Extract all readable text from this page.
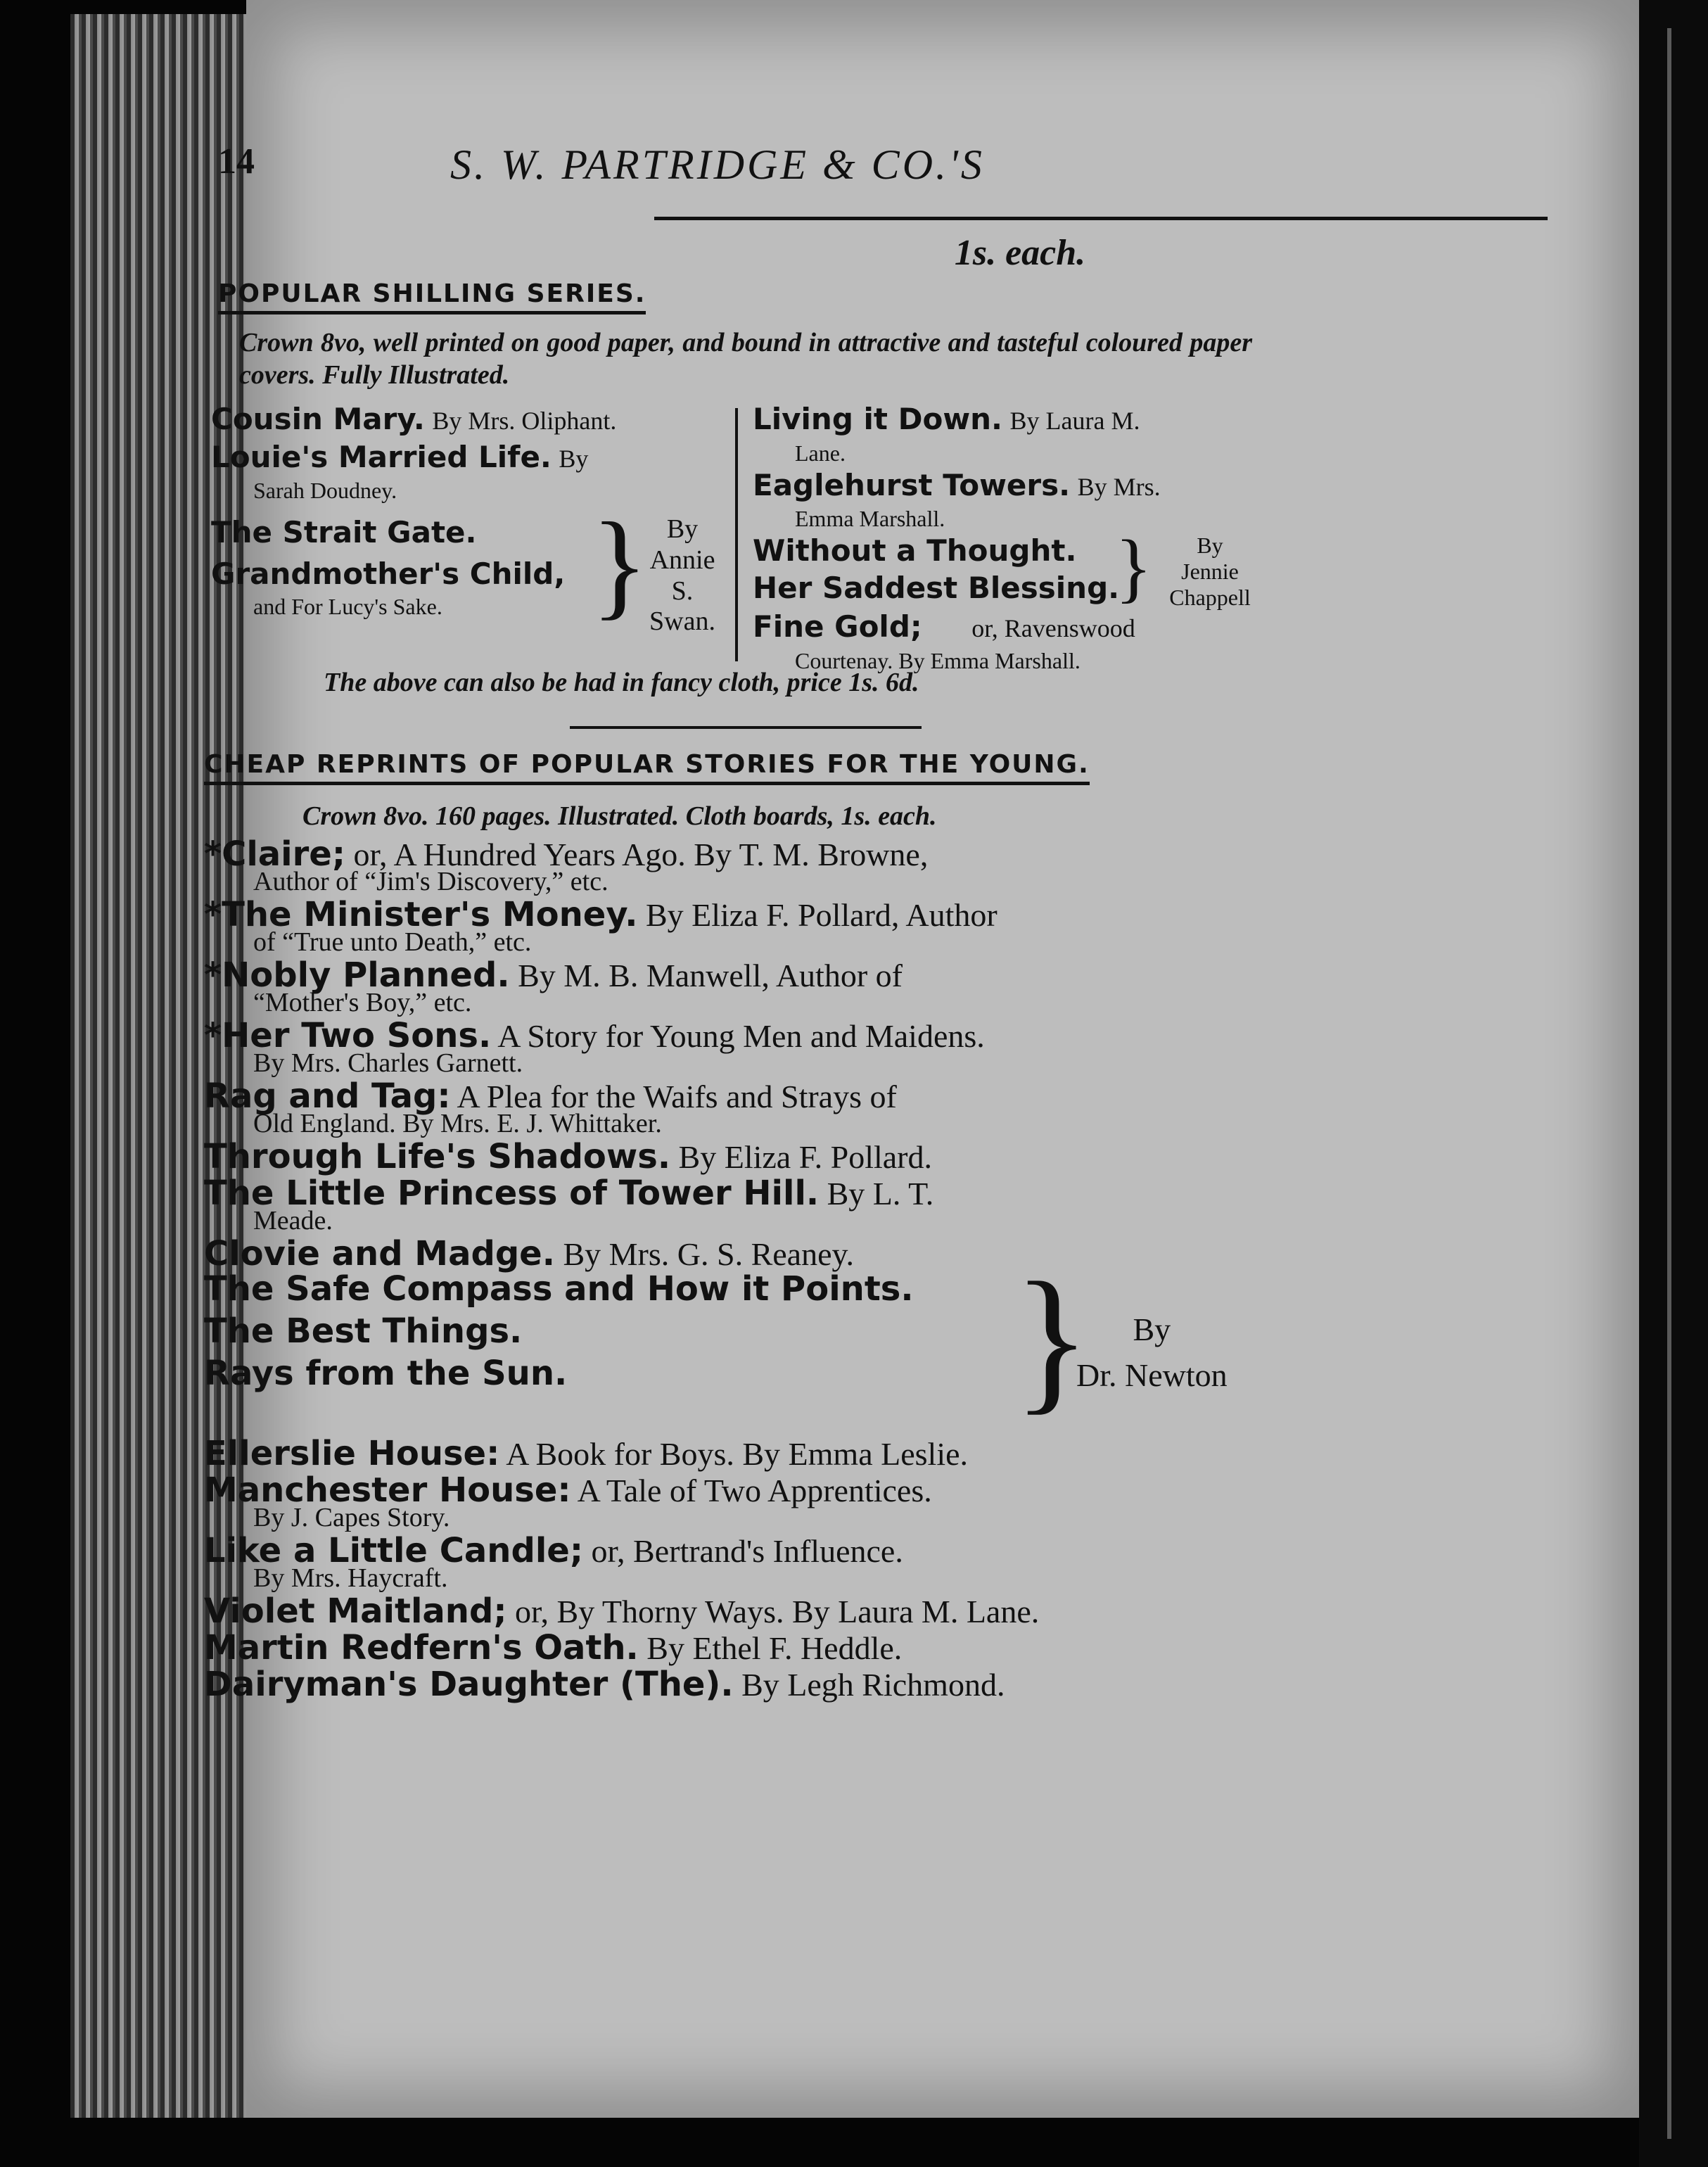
14	S. W. PARTRIDGE & CO.'S
1s. each.
POPULAR SHILLING SERIES.
Crown 8vo, well printed on good paper, and bound in attractive and tasteful coloured paper covers. Fully Illustrated.
Cousin Mary. By Mrs. Oliphant.
Louie's Married Life. By
Sarah Doudney.
The Strait Gate.
Grandmother's Child,
and For Lucy's Sake.	} By
Annie
S.
Swan.
Living it Down. By Laura M.
Lane.
Eaglehurst Towers. By Mrs.
Emma Marshall.
Without a Thought.
Her Saddest Blessing.
}	By
Jennie
Chappell
Fine Gold; or, Ravenswood
Courtenay. By Emma Marshall.
The above can also be had in fancy cloth, price 1s. 6d.
CHEAP REPRINTS OF POPULAR STORIES FOR THE YOUNG.
Crown 8vo. 160 pages. Illustrated. Cloth boards, 1s. each.
*Claire; or, A Hundred Years Ago. By T. M. Browne,
Author of “Jim's Discovery,” etc.
*The Minister's Money. By Eliza F. Pollard, Author
of “True unto Death,” etc.
*Nobly Planned. By M. B. Manwell, Author of
“Mother's Boy,” etc.
*Her Two Sons. A Story for Young Men and Maidens.
By Mrs. Charles Garnett.
Rag and Tag: A Plea for the Waifs and Strays of
Old England. By Mrs. E. J. Whittaker.
Through Life's Shadows. By Eliza F. Pollard.
The Little Princess of Tower Hill. By L. T.
Meade.
Clovie and Madge. By Mrs. G. S. Reaney.
The Safe Compass and How it Points.
The Best Things.
Rays from the Sun.	}	By
Dr. Newton
Ellerslie House: A Book for Boys. By Emma Leslie.
Manchester House: A Tale of Two Apprentices.
By J. Capes Story.
Like a Little Candle; or, Bertrand's Influence.
By Mrs. Haycraft.
Violet Maitland; or, By Thorny Ways. By Laura M. Lane.
Martin Redfern's Oath. By Ethel F. Heddle.
Dairyman's Daughter (The). By Legh Richmond.
